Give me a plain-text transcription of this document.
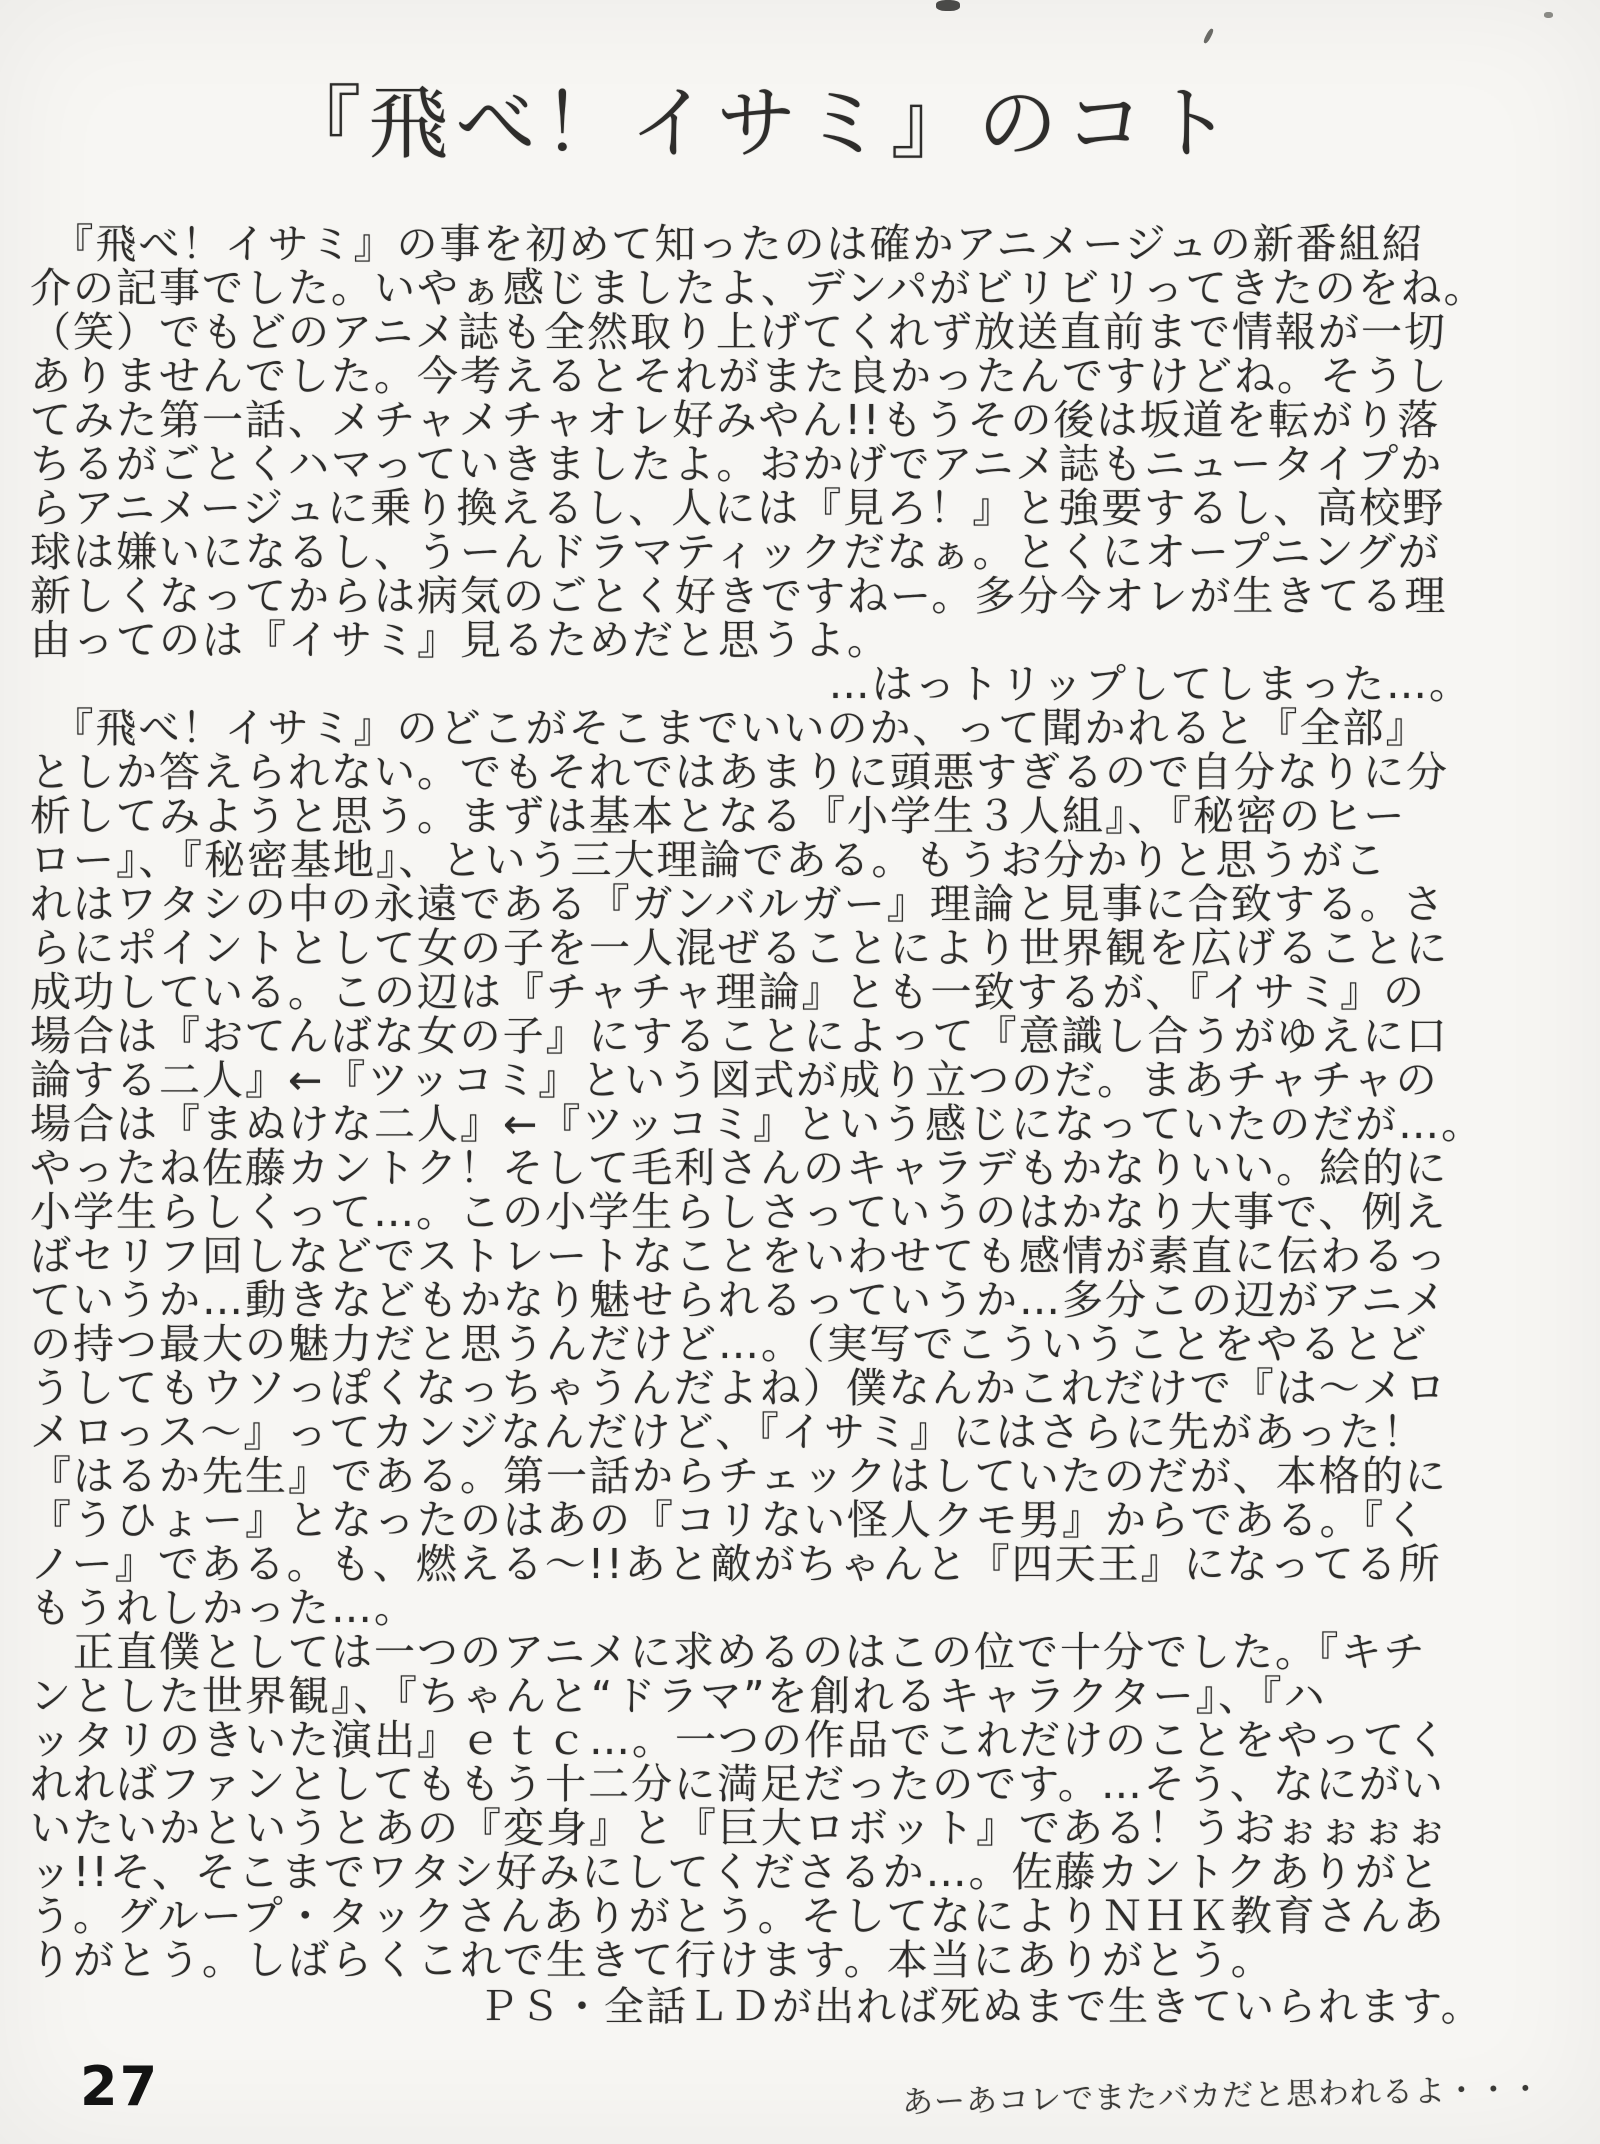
『飛べ！イサミ』のコト
　『飛べ！イサミ』の事を初めて知ったのは確かアニメージュの新番組紹
介の記事でした。いやぁ感じましたよ、デンパがビリビリってきたのをね。
（笑）でもどのアニメ誌も全然取り上げてくれず放送直前まで情報が一切
ありませんでした。今考えるとそれがまた良かったんですけどね。そうし
てみた第一話、メチャメチャオレ好みやん!!もうその後は坂道を転がり落
ちるがごとくハマっていきましたよ。おかげでアニメ誌もニュータイプか
らアニメージュに乗り換えるし、人には『見ろ！』と強要するし、高校野
球は嫌いになるし、うーんドラマティックだなぁ。とくにオープニングが
新しくなってからは病気のごとく好きですねー。多分今オレが生きてる理
由ってのは『イサミ』見るためだと思うよ。
…はっトリップしてしまった…。
　『飛べ！イサミ』のどこがそこまでいいのか、って聞かれると『全部』
としか答えられない。でもそれではあまりに頭悪すぎるので自分なりに分
析してみようと思う。まずは基本となる『小学生３人組』、『秘密のヒー
ロー』、『秘密基地』、という三大理論である。もうお分かりと思うがこ
れはワタシの中の永遠である『ガンバルガー』理論と見事に合致する。さ
らにポイントとして女の子を一人混ぜることにより世界観を広げることに
成功している。この辺は『チャチャ理論』とも一致するが、『イサミ』の
場合は『おてんばな女の子』にすることによって『意識し合うがゆえに口
論する二人』←『ツッコミ』という図式が成り立つのだ。まあチャチャの
場合は『まぬけな二人』←『ツッコミ』という感じになっていたのだが…。
やったね佐藤カントク！そして毛利さんのキャラデもかなりいい。絵的に
小学生らしくって…。この小学生らしさっていうのはかなり大事で、例え
ばセリフ回しなどでストレートなことをいわせても感情が素直に伝わるっ
ていうか…動きなどもかなり魅せられるっていうか…多分この辺がアニメ
の持つ最大の魅力だと思うんだけど…。（実写でこういうことをやるとど
うしてもウソっぽくなっちゃうんだよね）僕なんかこれだけで『は〜メロ
メロっス〜』ってカンジなんだけど、『イサミ』にはさらに先があった！
『はるか先生』である。第一話からチェックはしていたのだが、本格的に
『うひょー』となったのはあの『コリない怪人クモ男』からである。『く
ノー』である。も、燃える〜!!あと敵がちゃんと『四天王』になってる所
もうれしかった…。
　正直僕としては一つのアニメに求めるのはこの位で十分でした。『キチ
ンとした世界観』、『ちゃんと“ドラマ”を創れるキャラクター』、『ハ
ッタリのきいた演出』ｅｔｃ…。一つの作品でこれだけのことをやってく
れればファンとしてももう十二分に満足だったのです。…そう、なにがい
いたいかというとあの『変身』と『巨大ロボット』である！うおぉぉぉぉ
ッ!!そ、そこまでワタシ好みにしてくださるか…。佐藤カントクありがと
う。グループ・タックさんありがとう。そしてなによりＮＨＫ教育さんあ
りがとう。しばらくこれで生きて行けます。本当にありがとう。
ＰＳ・全話ＬＤが出れば死ぬまで生きていられます。
27	あーあコレでまたバカだと思われるよ・・・
